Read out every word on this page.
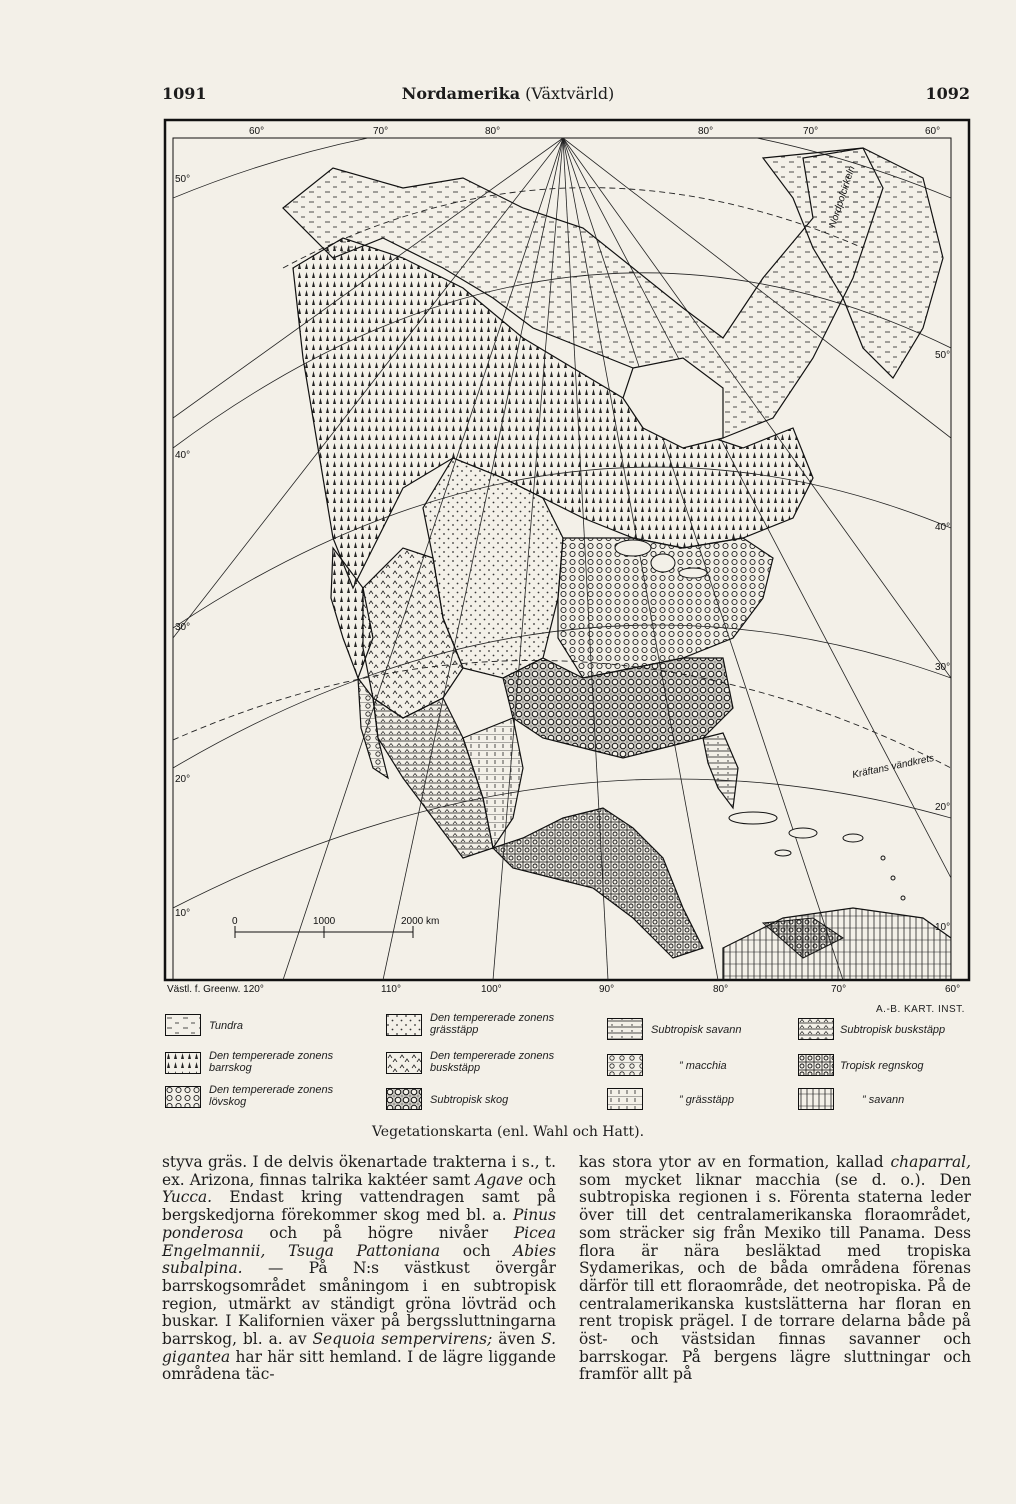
1091	Nordamerika (Växtvärld)	1092
60°	70°	80°	80°	70°	60°
Västl. f. Greenw. 120°	110°	100°	90°	80°	70°	60°
50°
40°
30°
20°
10°
50°
40°
30°
20°
10°
Nordpolcirkeln
Kräftans vändkrets
0	1000	2000 km
A.-B. KART. INST.
Tundra
Den tempererade zonens barrskog
Den tempererade zonens lövskog
Den tempererade zonens grässtäpp
Den tempererade zonens buskstäpp
Subtropisk skog
Subtropisk savann
” macchia
” grässtäpp
Subtropisk buskstäpp
Tropisk regnskog
” savann
Vegetationskarta (enl. Wahl och Hatt).

styva gräs. I de delvis ökenartade trakterna i s., t. ex. Arizona, finnas talrika kaktéer samt Agave och Yucca. Endast kring vattendragen samt på bergskedjorna förekommer skog med bl. a. Pinus ponderosa och på högre nivåer Picea Engelmannii, Tsuga Pattoniana och Abies subalpina. — På N:s västkust övergår barrskogsområdet småningom i en subtropisk region, utmärkt av ständigt gröna lövträd och buskar. I Kalifornien växer på bergssluttningarna barrskog, bl. a. av Sequoia sempervirens; även S. gigantea har här sitt hemland. I de lägre liggande områdena täc-

kas stora ytor av en formation, kallad chaparral, som mycket liknar macchia (se d. o.). Den subtropiska regionen i s. Förenta staterna leder över till det centralamerikanska floraområdet, som sträcker sig från Mexiko till Panama. Dess flora är nära besläktad med tropiska Sydamerikas, och de båda områdena förenas därför till ett floraområde, det neotropiska. På de centralamerikanska kustslätterna har floran en rent tropisk prägel. I de torrare delarna både på öst- och västsidan finnas savanner och barrskogar. På bergens lägre sluttningar och framför allt på
